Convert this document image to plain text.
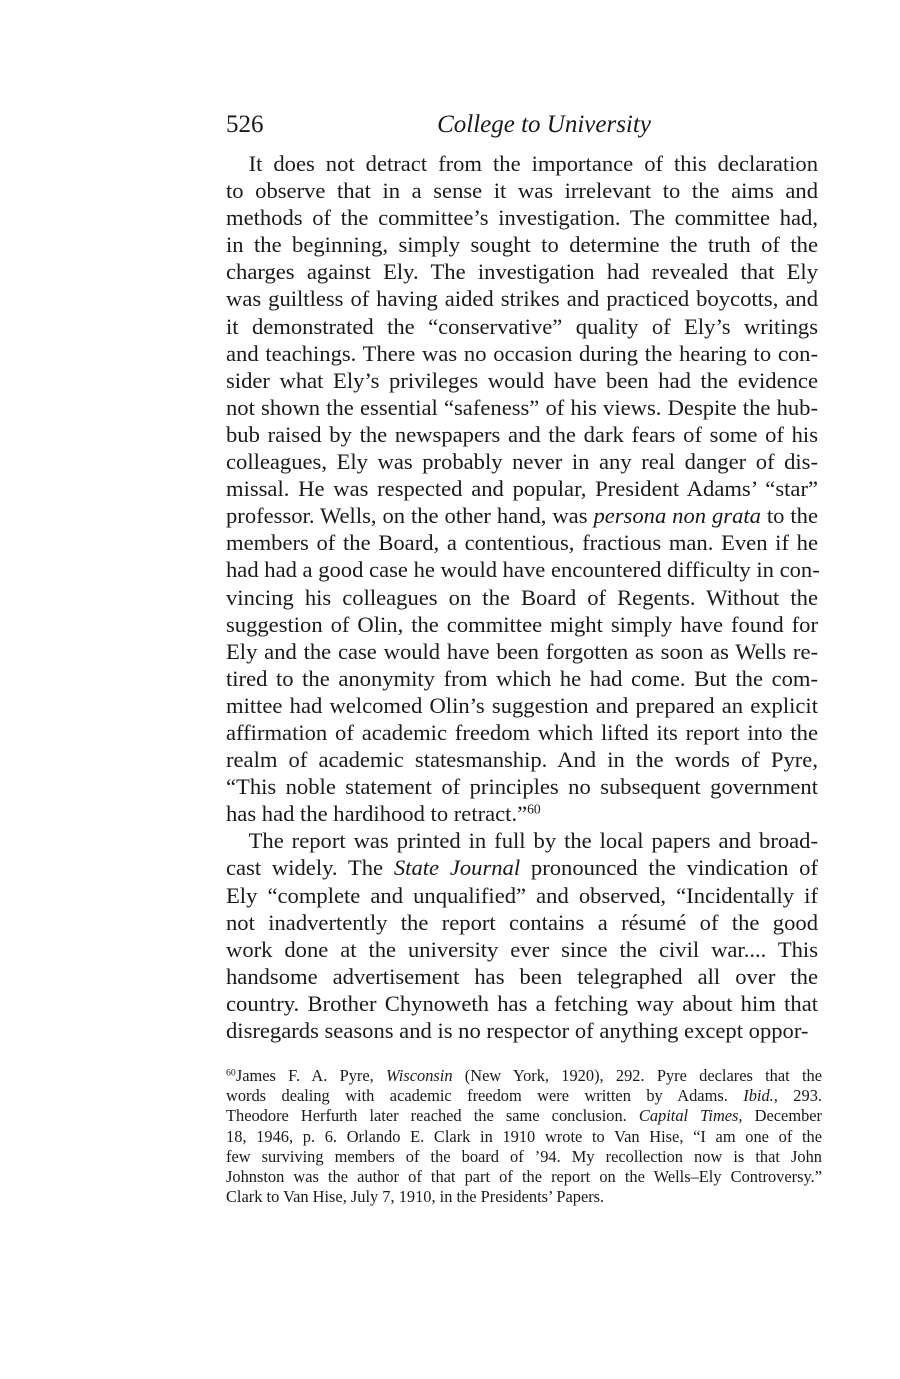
526	College to University

 It does not detract from the importance of this declaration
to observe that in a sense it was irrelevant to the aims and
methods of the committee’s investigation. The committee had,
in the beginning, simply sought to determine the truth of the
charges against Ely. The investigation had revealed that Ely
was guiltless of having aided strikes and practiced boycotts, and
it demonstrated the “conservative” quality of Ely’s writings
and teachings. There was no occasion during the hearing to con-
sider what Ely’s privileges would have been had the evidence
not shown the essential “safeness” of his views. Despite the hub-
bub raised by the newspapers and the dark fears of some of his
colleagues, Ely was probably never in any real danger of dis-
missal. He was respected and popular, President Adams’ “star”
professor. Wells, on the other hand, was persona non grata to the
members of the Board, a contentious, fractious man. Even if he
had had a good case he would have encountered difficulty in con-
vincing his colleagues on the Board of Regents. Without the
suggestion of Olin, the committee might simply have found for
Ely and the case would have been forgotten as soon as Wells re-
tired to the anonymity from which he had come. But the com-
mittee had welcomed Olin’s suggestion and prepared an explicit
affirmation of academic freedom which lifted its report into the
realm of academic statesmanship. And in the words of Pyre,
“This noble statement of principles no subsequent government
has had the hardihood to retract.”$^{60}$

 The report was printed in full by the local papers and broad-
cast widely. The State Journal pronounced the vindication of
Ely “complete and unqualified” and observed, “Incidentally if
not inadvertently the report contains a résumé of the good
work done at the university ever since the civil war.... This
handsome advertisement has been telegraphed all over the
country. Brother Chynoweth has a fetching way about him that
disregards seasons and is no respector of anything except oppor-

$^{60}$James F. A. Pyre, Wisconsin (New York, 1920), 292. Pyre declares that the
words dealing with academic freedom were written by Adams. Ibid., 293.
Theodore Herfurth later reached the same conclusion. Capital Times, December
18, 1946, p. 6. Orlando E. Clark in 1910 wrote to Van Hise, “I am one of the
few surviving members of the board of ’94. My recollection now is that John
Johnston was the author of that part of the report on the Wells–Ely Controversy.”
Clark to Van Hise, July 7, 1910, in the Presidents’ Papers.
